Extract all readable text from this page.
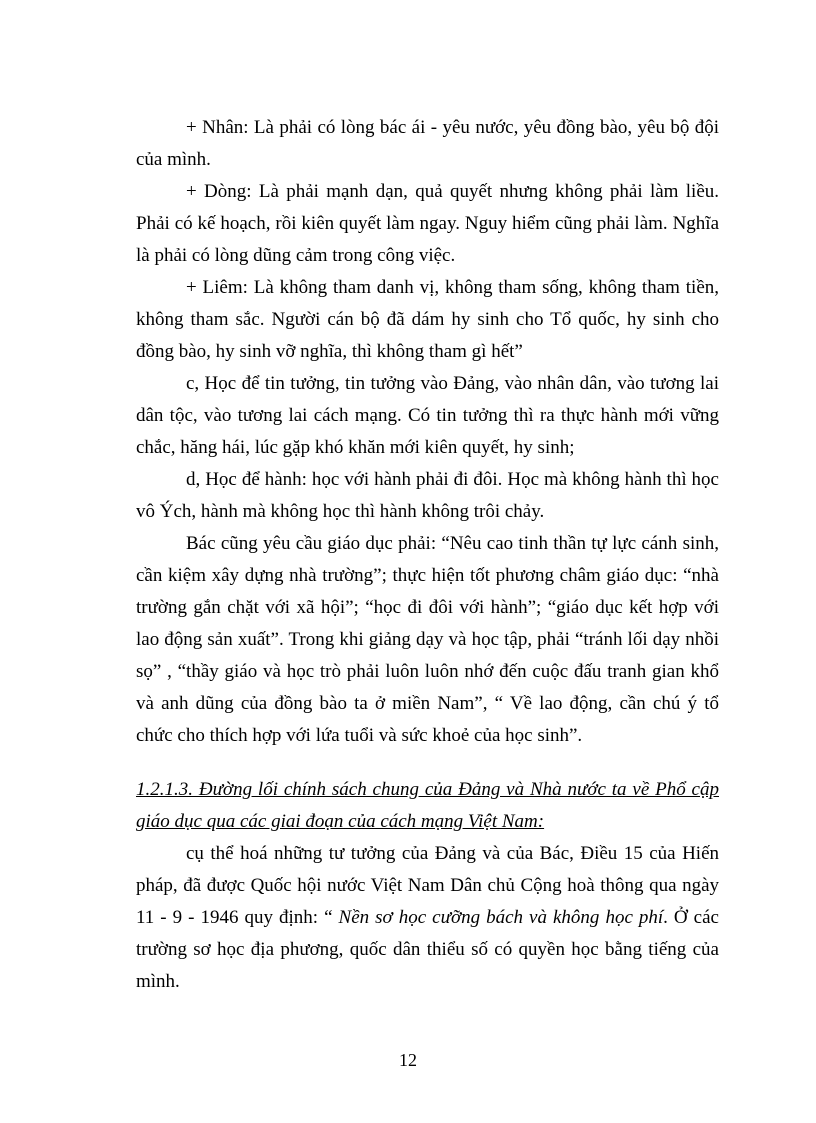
+ Nhân: Là phải có lòng bác ái - yêu nước, yêu đồng bào, yêu bộ đội của mình.

+ Dòng: Là phải mạnh dạn, quả quyết nhưng không phải làm liều. Phải có kế hoạch, rồi kiên quyết làm ngay. Nguy hiểm cũng phải làm. Nghĩa là phải có lòng dũng cảm trong công việc.

+ Liêm: Là không tham danh vị, không tham sống, không tham tiền, không tham sắc. Người cán bộ đã dám hy sinh cho Tổ quốc, hy sinh cho đồng bào, hy sinh vỡ nghĩa, thì không tham gì hết”

c, Học để tin tưởng, tin tưởng vào Đảng, vào nhân dân, vào tương lai dân tộc, vào tương lai cách mạng. Có tin tưởng thì ra thực hành mới vững chắc, hăng hái, lúc gặp khó khăn mới kiên quyết, hy sinh;

d, Học để hành: học với hành phải đi đôi. Học mà không hành thì học vô Ých, hành mà không học thì hành không trôi chảy.

Bác cũng yêu cầu giáo dục phải: “Nêu cao tinh thần tự lực cánh sinh, cần kiệm xây dựng nhà trường”; thực hiện tốt phương châm giáo dục: “nhà trường gắn chặt với xã hội”; “học đi đôi với hành”; “giáo dục kết hợp với lao động sản xuất”. Trong khi giảng dạy và học tập, phải “tránh lối dạy nhồi sọ” , “thầy giáo và học trò phải luôn luôn nhớ đến cuộc đấu tranh gian khổ và anh dũng của đồng bào ta ở miền Nam”, “ Về lao động, cần chú ý tổ chức cho thích hợp với lứa tuổi và sức khoẻ của học sinh”.

1.2.1.3. Đường lối chính sách chung của Đảng và Nhà nước ta về Phổ cập giáo dục qua các giai đoạn của cách mạng Việt Nam:

cụ thể hoá những tư tưởng của Đảng và của Bác, Điều 15 của Hiến pháp, đã được Quốc hội nước Việt Nam Dân chủ Cộng hoà thông qua ngày 11 - 9 - 1946 quy định: “ Nền sơ học cưỡng bách và không học phí. Ở các trường sơ học địa phương, quốc dân thiểu số có quyền học bằng tiếng của mình.

12
